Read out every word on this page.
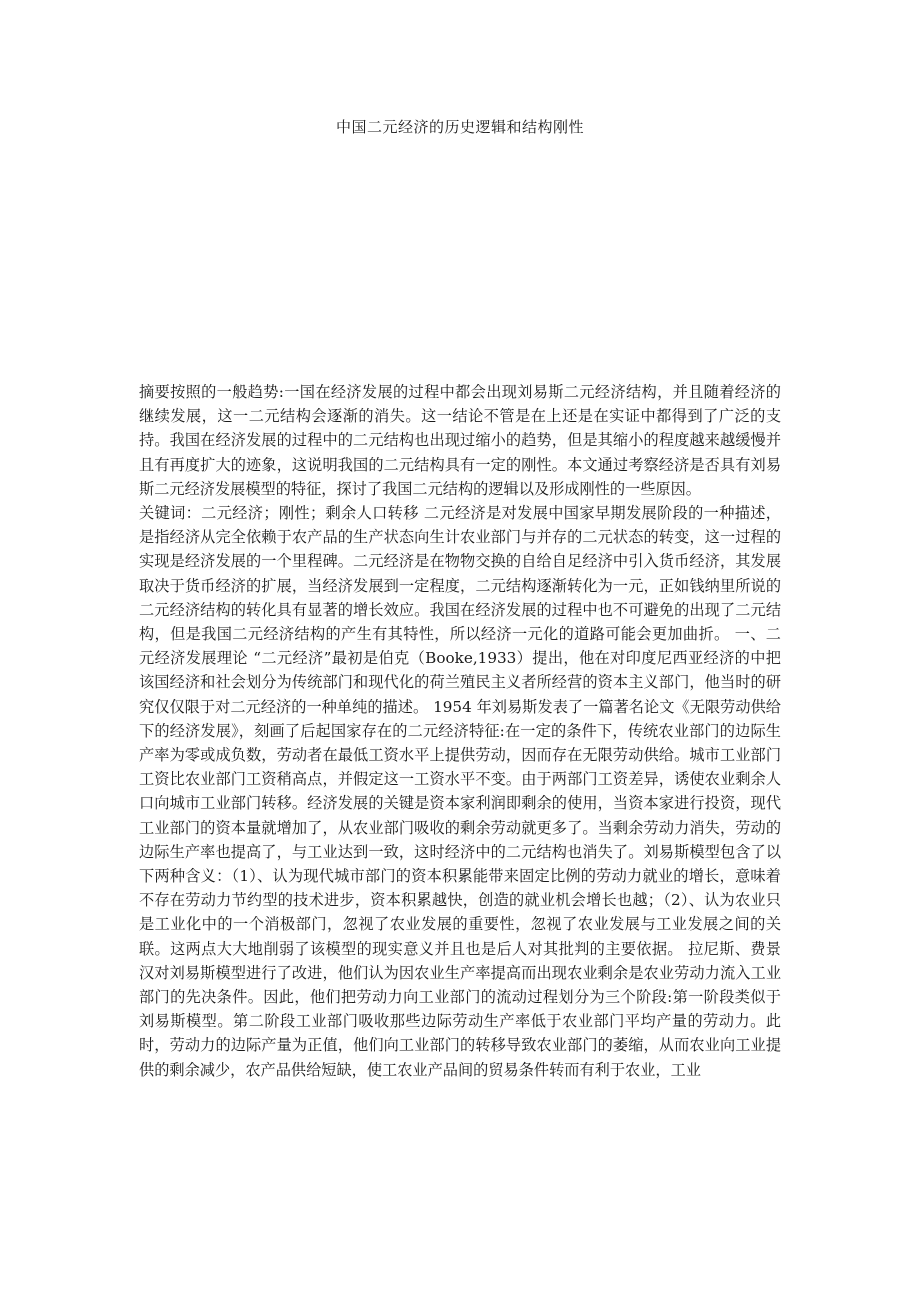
中国二元经济的历史逻辑和结构刚性

摘要按照的一般趋势:一国在经济发展的过程中都会出现刘易斯二元经济结构，并且随着经济的继续发展，这一二元结构会逐渐的消失。这一结论不管是在上还是在实证中都得到了广泛的支持。我国在经济发展的过程中的二元结构也出现过缩小的趋势，但是其缩小的程度越来越缓慢并且有再度扩大的迹象，这说明我国的二元结构具有一定的刚性。本文通过考察经济是否具有刘易斯二元经济发展模型的特征，探讨了我国二元结构的逻辑以及形成刚性的一些原因。

关键词：二元经济；刚性；剩余人口转移 二元经济是对发展中国家早期发展阶段的一种描述，是指经济从完全依赖于农产品的生产状态向生计农业部门与并存的二元状态的转变，这一过程的实现是经济发展的一个里程碑。二元经济是在物物交换的自给自足经济中引入货币经济，其发展取决于货币经济的扩展，当经济发展到一定程度，二元结构逐渐转化为一元，正如钱纳里所说的二元经济结构的转化具有显著的增长效应。我国在经济发展的过程中也不可避免的出现了二元结构，但是我国二元经济结构的产生有其特性，所以经济一元化的道路可能会更加曲折。 一、二元经济发展理论 “二元经济”最初是伯克（Booke,1933）提出，他在对印度尼西亚经济的中把该国经济和社会划分为传统部门和现代化的荷兰殖民主义者所经营的资本主义部门，他当时的研究仅仅限于对二元经济的一种单纯的描述。 1954 年刘易斯发表了一篇著名论文《无限劳动供给下的经济发展》，刻画了后起国家存在的二元经济特征:在一定的条件下，传统农业部门的边际生产率为零或成负数，劳动者在最低工资水平上提供劳动，因而存在无限劳动供给。城市工业部门工资比农业部门工资稍高点，并假定这一工资水平不变。由于两部门工资差异，诱使农业剩余人口向城市工业部门转移。经济发展的关键是资本家利润即剩余的使用，当资本家进行投资，现代工业部门的资本量就增加了，从农业部门吸收的剩余劳动就更多了。当剩余劳动力消失，劳动的边际生产率也提高了，与工业达到一致，这时经济中的二元结构也消失了。刘易斯模型包含了以下两种含义：（1）、认为现代城市部门的资本积累能带来固定比例的劳动力就业的增长，意味着不存在劳动力节约型的技术进步，资本积累越快，创造的就业机会增长也越；（2）、认为农业只是工业化中的一个消极部门，忽视了农业发展的重要性，忽视了农业发展与工业发展之间的关联。这两点大大地削弱了该模型的现实意义并且也是后人对其批判的主要依据。 拉尼斯、费景汉对刘易斯模型进行了改进，他们认为因农业生产率提高而出现农业剩余是农业劳动力流入工业部门的先决条件。因此，他们把劳动力向工业部门的流动过程划分为三个阶段:第一阶段类似于刘易斯模型。第二阶段工业部门吸收那些边际劳动生产率低于农业部门平均产量的劳动力。此时，劳动力的边际产量为正值，他们向工业部门的转移导致农业部门的萎缩，从而农业向工业提供的剩余减少，农产品供给短缺，使工农业产品间的贸易条件转而有利于农业，工业
